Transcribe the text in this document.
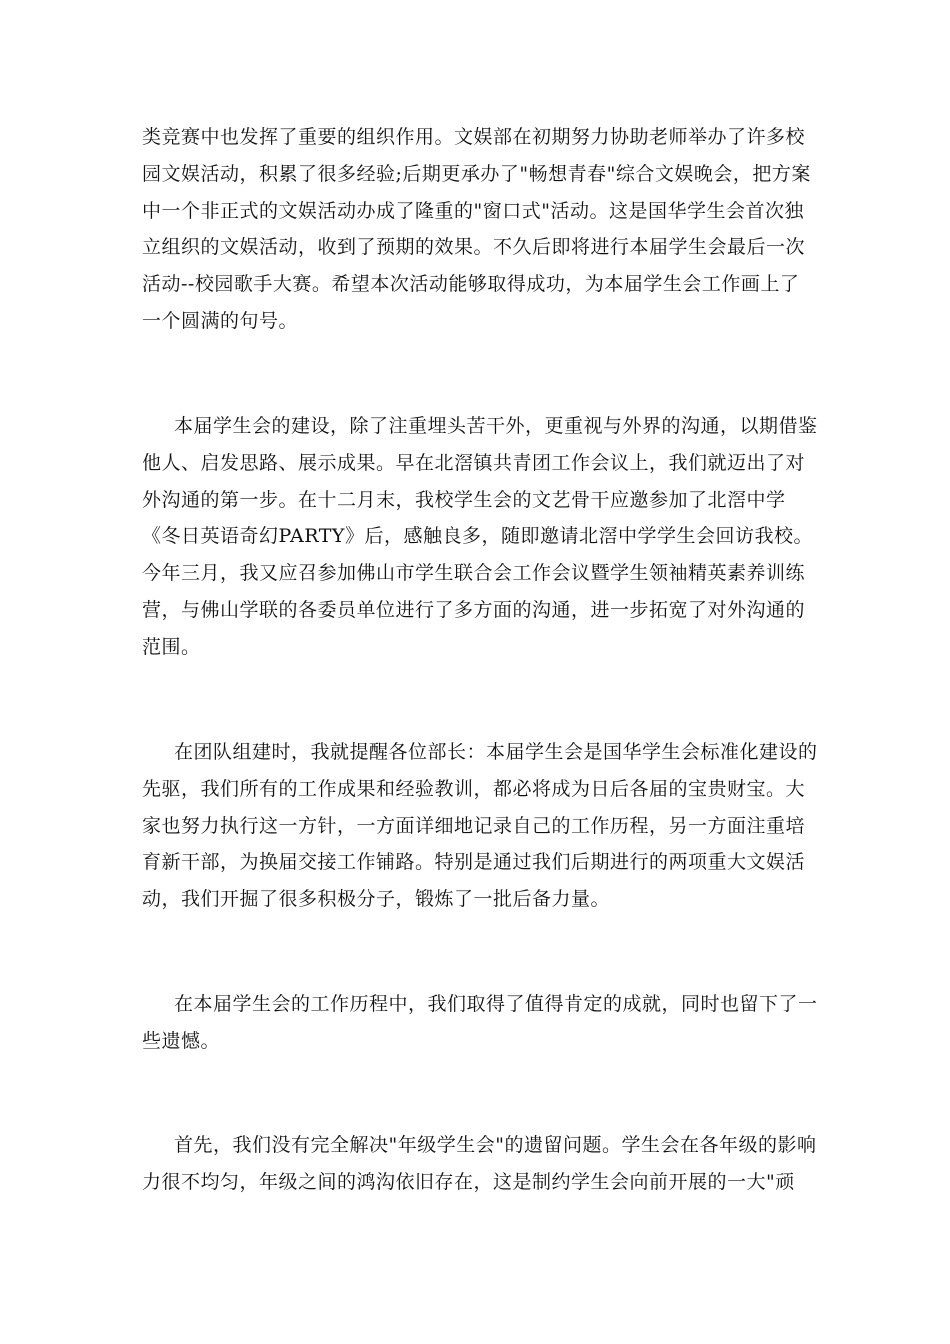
类竞赛中也发挥了重要的组织作用。文娱部在初期努力协助老师举办了许多校
园文娱活动，积累了很多经验;后期更承办了"畅想青春"综合文娱晚会，把方案
中一个非正式的文娱活动办成了隆重的"窗口式"活动。这是国华学生会首次独
立组织的文娱活动，收到了预期的效果。不久后即将进行本届学生会最后一次
活动--校园歌手大赛。希望本次活动能够取得成功，为本届学生会工作画上了
一个圆满的句号。
本届学生会的建设，除了注重埋头苦干外，更重视与外界的沟通，以期借鉴
他人、启发思路、展示成果。早在北滘镇共青团工作会议上，我们就迈出了对
外沟通的第一步。在十二月末，我校学生会的文艺骨干应邀参加了北滘中学
《冬日英语奇幻PARTY》后，感触良多，随即邀请北滘中学学生会回访我校。
今年三月，我又应召参加佛山市学生联合会工作会议暨学生领袖精英素养训练
营，与佛山学联的各委员单位进行了多方面的沟通，进一步拓宽了对外沟通的
范围。
在团队组建时，我就提醒各位部长：本届学生会是国华学生会标准化建设的
先驱，我们所有的工作成果和经验教训，都必将成为日后各届的宝贵财宝。大
家也努力执行这一方针，一方面详细地记录自己的工作历程，另一方面注重培
育新干部，为换届交接工作铺路。特别是通过我们后期进行的两项重大文娱活
动，我们开掘了很多积极分子，锻炼了一批后备力量。
在本届学生会的工作历程中，我们取得了值得肯定的成就，同时也留下了一
些遗憾。
首先，我们没有完全解决"年级学生会"的遗留问题。学生会在各年级的影响
力很不均匀，年级之间的鸿沟依旧存在，这是制约学生会向前开展的一大"顽
